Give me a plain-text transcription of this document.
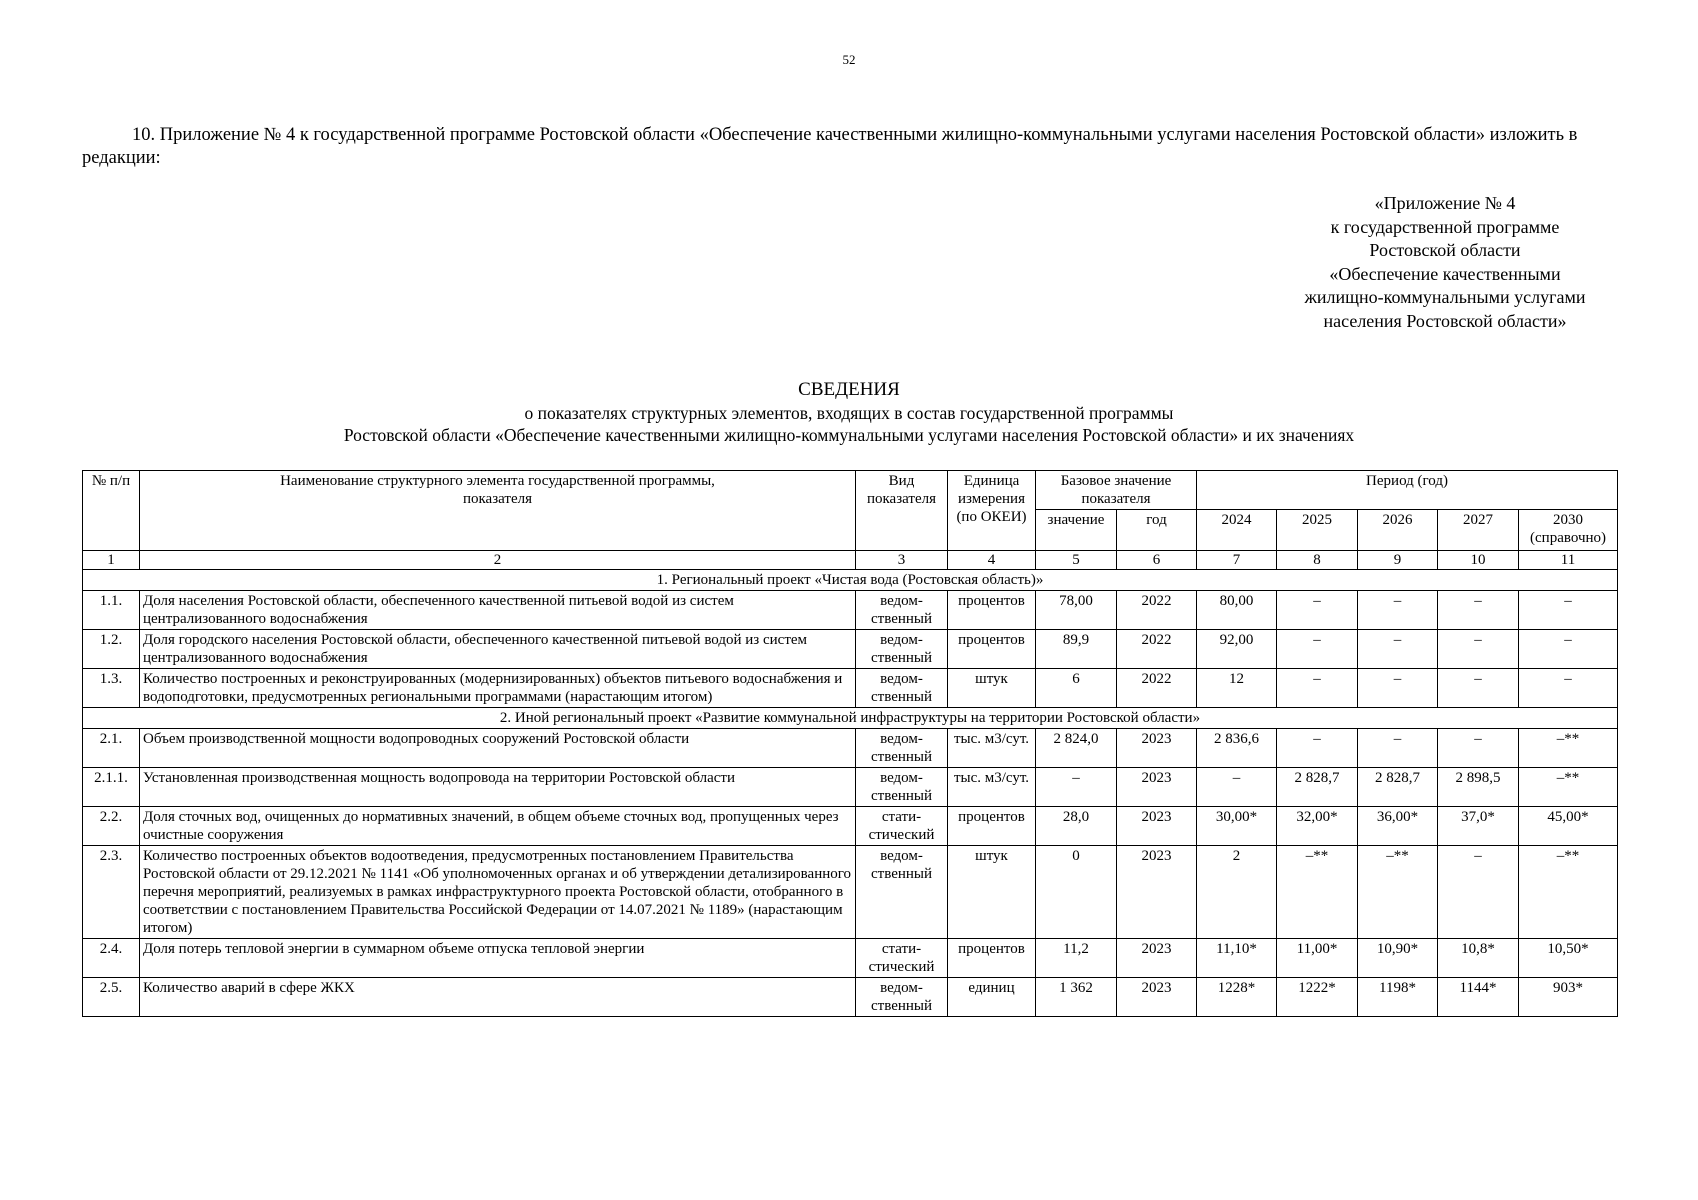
52
10. Приложение № 4 к государственной программе Ростовской области «Обеспечение качественными жилищно-коммунальными услугами населения Ростовской области» изложить в редакции:
«Приложение № 4
к государственной программе
Ростовской области
«Обеспечение качественными
жилищно-коммунальными услугами
населения Ростовской области»
СВЕДЕНИЯ
о показателях структурных элементов, входящих в состав государственной программы
Ростовской области «Обеспечение качественными жилищно-коммунальными услугами населения Ростовской области» и их значениях
№ п/п	Наименование структурного элемента государственной программы, показателя	Вид показателя	Единица измерения (по ОКЕИ)	Базовое значение показателя		Период (год)				
				значение	год	2024	2025	2026	2027	2030 (справочно)
1	2	3	4	5	6	7	8	9	10	11
1. Региональный проект «Чистая вода (Ростовская область)»										
1.1.	Доля населения Ростовской области, обеспеченного качественной питьевой водой из систем централизованного водоснабжения	ведом-ственный	процентов	78,00	2022	80,00	–	–	–	–
1.2.	Доля городского населения Ростовской области, обеспеченного качественной питьевой водой из систем централизованного водоснабжения	ведом-ственный	процентов	89,9	2022	92,00	–	–	–	–
1.3.	Количество построенных и реконструированных (модернизированных) объектов питьевого водоснабжения и водоподготовки, предусмотренных региональными программами (нарастающим итогом)	ведом-ственный	штук	6	2022	12	–	–	–	–
2. Иной региональный проект «Развитие коммунальной инфраструктуры на территории Ростовской области»										
2.1.	Объем производственной мощности водопроводных сооружений Ростовской области	ведом-ственный	тыс. м3/сут.	2 824,0	2023	2 836,6	–	–	–	–**
2.1.1.	Установленная производственная мощность водопровода на территории Ростовской области	ведом-ственный	тыс. м3/сут.	–	2023	–	2 828,7	2 828,7	2 898,5	–**
2.2.	Доля сточных вод, очищенных до нормативных значений, в общем объеме сточных вод, пропущенных через очистные сооружения	стати-стический	процентов	28,0	2023	30,00*	32,00*	36,00*	37,0*	45,00*
2.3.	Количество построенных объектов водоотведения, предусмотренных постановлением Правительства Ростовской области от 29.12.2021 № 1141 «Об уполномоченных органах и об утверждении детализированного перечня мероприятий, реализуемых в рамках инфраструктурного проекта Ростовской области, отобранного в соответствии с постановлением Правительства Российской Федерации от 14.07.2021 № 1189» (нарастающим итогом)	ведом-ственный	штук	0	2023	2	–**	–**	–	–**
2.4.	Доля потерь тепловой энергии в суммарном объеме отпуска тепловой энергии	стати-стический	процентов	11,2	2023	11,10*	11,00*	10,90*	10,8*	10,50*
2.5.	Количество аварий в сфере ЖКХ	ведом-ственный	единиц	1 362	2023	1228*	1222*	1198*	1144*	903*
